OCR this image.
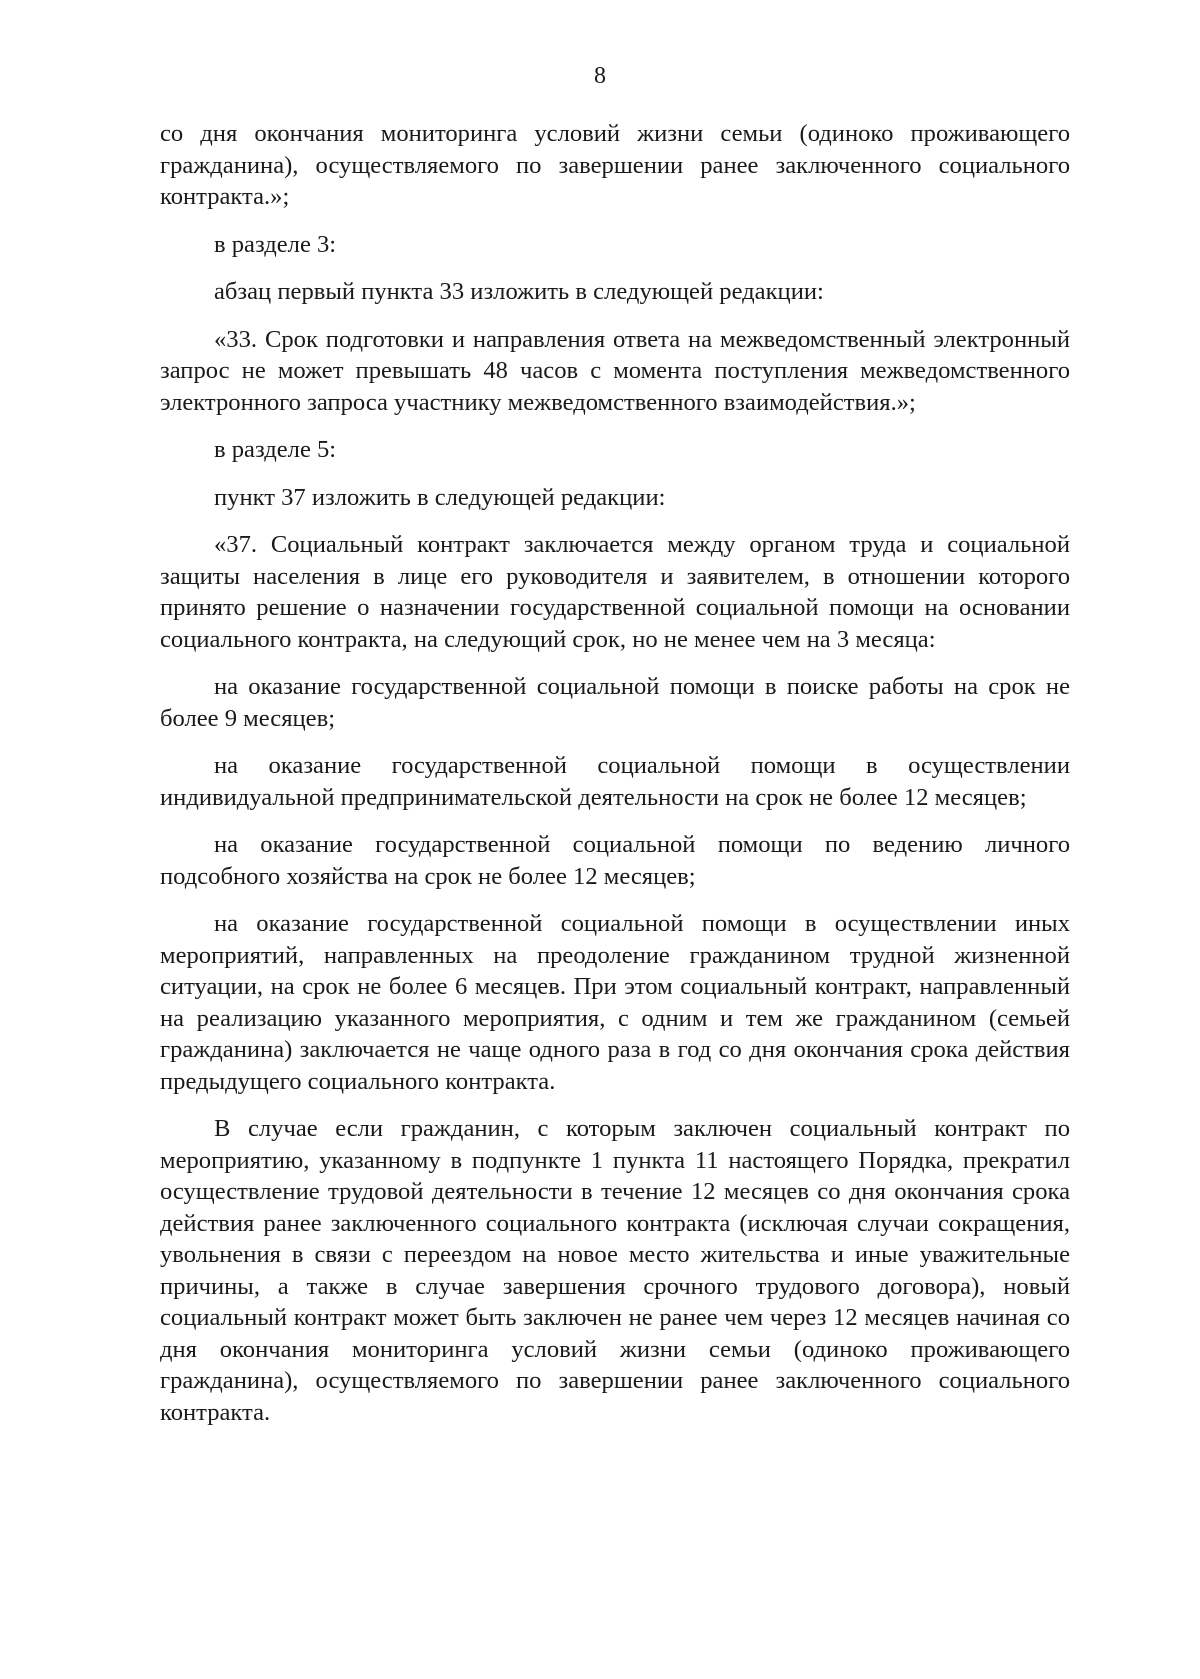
8

со дня окончания мониторинга условий жизни семьи (одиноко проживающего гражданина), осуществляемого по завершении ранее заключенного социального контракта.»;

в разделе 3:

абзац первый пункта 33 изложить в следующей редакции:

«33. Срок подготовки и направления ответа на межведомственный электронный запрос не может превышать 48 часов с момента поступления межведомственного электронного запроса участнику межведомственного взаимодействия.»;

в разделе 5:

пункт 37 изложить в следующей редакции:

«37. Социальный контракт заключается между органом труда и социальной защиты населения в лице его руководителя и заявителем, в отношении которого принято решение о назначении государственной социальной помощи на основании социального контракта, на следующий срок, но не менее чем на 3 месяца:

на оказание государственной социальной помощи в поиске работы на срок не более 9 месяцев;

на оказание государственной социальной помощи в осуществлении индивидуальной предпринимательской деятельности на срок не более 12 месяцев;

на оказание государственной социальной помощи по ведению личного подсобного хозяйства на срок не более 12 месяцев;

на оказание государственной социальной помощи в осуществлении иных мероприятий, направленных на преодоление гражданином трудной жизненной ситуации, на срок не более 6 месяцев. При этом социальный контракт, направленный на реализацию указанного мероприятия, с одним и тем же гражданином (семьей гражданина) заключается не чаще одного раза в год со дня окончания срока действия предыдущего социального контракта.

В случае если гражданин, с которым заключен социальный контракт по мероприятию, указанному в подпункте 1 пункта 11 настоящего Порядка, прекратил осуществление трудовой деятельности в течение 12 месяцев со дня окончания срока действия ранее заключенного социального контракта (исключая случаи сокращения, увольнения в связи с переездом на новое место жительства и иные уважительные причины, а также в случае завершения срочного трудового договора), новый социальный контракт может быть заключен не ранее чем через 12 месяцев начиная со дня окончания мониторинга условий жизни семьи (одиноко проживающего гражданина), осуществляемого по завершении ранее заключенного социального контракта.
